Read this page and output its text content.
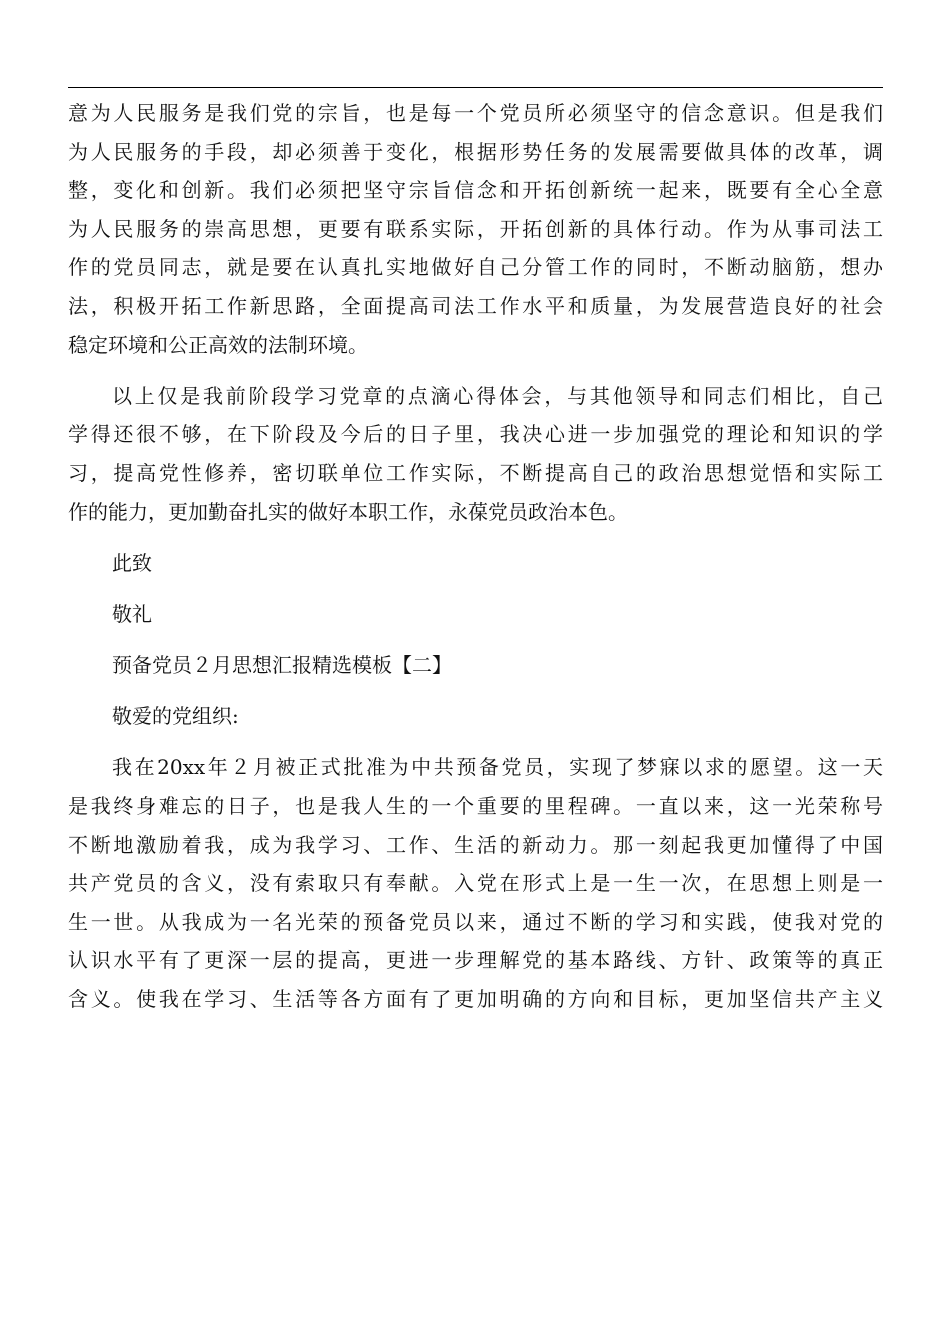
意为人民服务是我们党的宗旨，也是每一个党员所必须坚守的信念意识。但是我们
为人民服务的手段，却必须善于变化，根据形势任务的发展需要做具体的改革，调
整，变化和创新。我们必须把坚守宗旨信念和开拓创新统一起来，既要有全心全意
为人民服务的崇高思想，更要有联系实际，开拓创新的具体行动。作为从事司法工
作的党员同志，就是要在认真扎实地做好自己分管工作的同时，不断动脑筋，想办
法，积极开拓工作新思路，全面提高司法工作水平和质量，为发展营造良好的社会
稳定环境和公正高效的法制环境。
以上仅是我前阶段学习党章的点滴心得体会，与其他领导和同志们相比，自己
学得还很不够，在下阶段及今后的日子里，我决心进一步加强党的理论和知识的学
习，提高党性修养，密切联单位工作实际，不断提高自己的政治思想觉悟和实际工
作的能力，更加勤奋扎实的做好本职工作，永葆党员政治本色。
此致
敬礼
预备党员２月思想汇报精选模板【二】
敬爱的党组织:
我在20xx年２月被正式批准为中共预备党员，实现了梦寐以求的愿望。这一天
是我终身难忘的日子，也是我人生的一个重要的里程碑。一直以来，这一光荣称号
不断地激励着我，成为我学习、工作、生活的新动力。那一刻起我更加懂得了中国
共产党员的含义，没有索取只有奉献。入党在形式上是一生一次，在思想上则是一
生一世。从我成为一名光荣的预备党员以来，通过不断的学习和实践，使我对党的
认识水平有了更深一层的提高，更进一步理解党的基本路线、方针、政策等的真正
含义。使我在学习、生活等各方面有了更加明确的方向和目标，更加坚信共产主义
